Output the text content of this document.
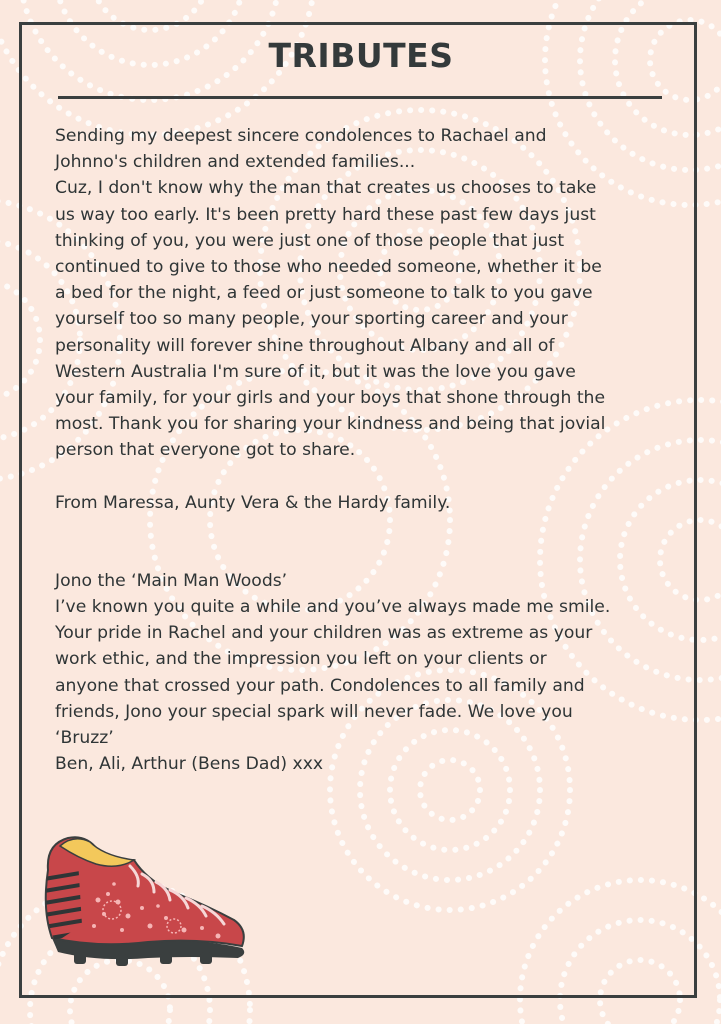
TRIBUTES

Sending my deepest sincere condolences to Rachael and

Johnno's children and extended families...

Cuz, I don't know why the man that creates us chooses to take

us way too early. It's been pretty hard these past few days just

thinking of you, you were just one of those people that just

continued to give to those who needed someone, whether it be

a bed for the night, a feed or just someone to talk to you gave

yourself too so many people, your sporting career and your

personality will forever shine throughout Albany and all of

Western Australia I'm sure of it, but it was the love you gave

your family, for your girls and your boys that shone through the

most. Thank you for sharing your kindness and being that jovial

person that everyone got to share.

From Maressa, Aunty Vera & the Hardy family.

Jono the ‘Main Man Woods’

I’ve known you quite a while and you’ve always made me smile.

Your pride in Rachel and your children was as extreme as your

work ethic, and the impression you left on your clients or

anyone that crossed your path. Condolences to all family and

friends, Jono your special spark will never fade. We love you

‘Bruzz’

Ben, Ali, Arthur (Bens Dad) xxx
